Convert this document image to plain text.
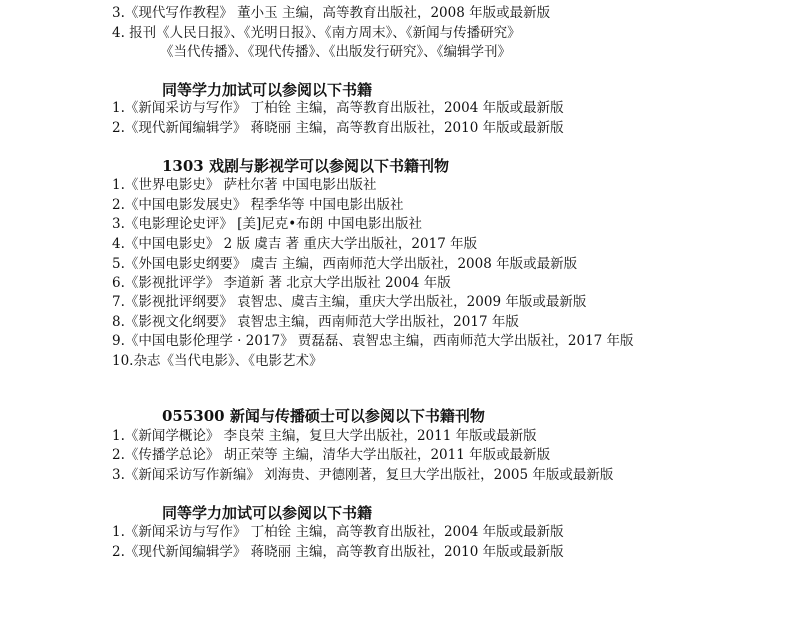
3.《现代写作教程》 董小玉 主编，高等教育出版社，2008 年版或最新版
4. 报刊《人民日报》、《光明日报》、《南方周末》、《新闻与传播研究》
《当代传播》、《现代传播》、《出版发行研究》、《编辑学刊》
同等学力加试可以参阅以下书籍
1.《新闻采访与写作》 丁柏铨 主编，高等教育出版社，2004 年版或最新版
2.《现代新闻编辑学》 蒋晓丽 主编，高等教育出版社，2010 年版或最新版
1303 戏剧与影视学可以参阅以下书籍刊物
1.《世界电影史》 萨杜尔著 中国电影出版社
2.《中国电影发展史》 程季华等 中国电影出版社
3.《电影理论史评》 [美]尼克•布朗 中国电影出版社
4.《中国电影史》 2 版 虞吉 著 重庆大学出版社，2017 年版
5.《外国电影史纲要》 虞吉 主编，西南师范大学出版社，2008 年版或最新版
6.《影视批评学》 李道新 著 北京大学出版社 2004 年版
7.《影视批评纲要》 袁智忠、虞吉主编，重庆大学出版社，2009 年版或最新版
8.《影视文化纲要》 袁智忠主编，西南师范大学出版社，2017 年版
9.《中国电影伦理学 · 2017》 贾磊磊、袁智忠主编，西南师范大学出版社，2017 年版
10.杂志《当代电影》、《电影艺术》
055300 新闻与传播硕士可以参阅以下书籍刊物
1.《新闻学概论》 李良荣 主编，复旦大学出版社，2011 年版或最新版
2.《传播学总论》 胡正荣等 主编，清华大学出版社，2011 年版或最新版
3.《新闻采访写作新编》 刘海贵、尹德刚著，复旦大学出版社，2005 年版或最新版
同等学力加试可以参阅以下书籍
1.《新闻采访与写作》 丁柏铨 主编，高等教育出版社，2004 年版或最新版
2.《现代新闻编辑学》 蒋晓丽 主编，高等教育出版社，2010 年版或最新版
